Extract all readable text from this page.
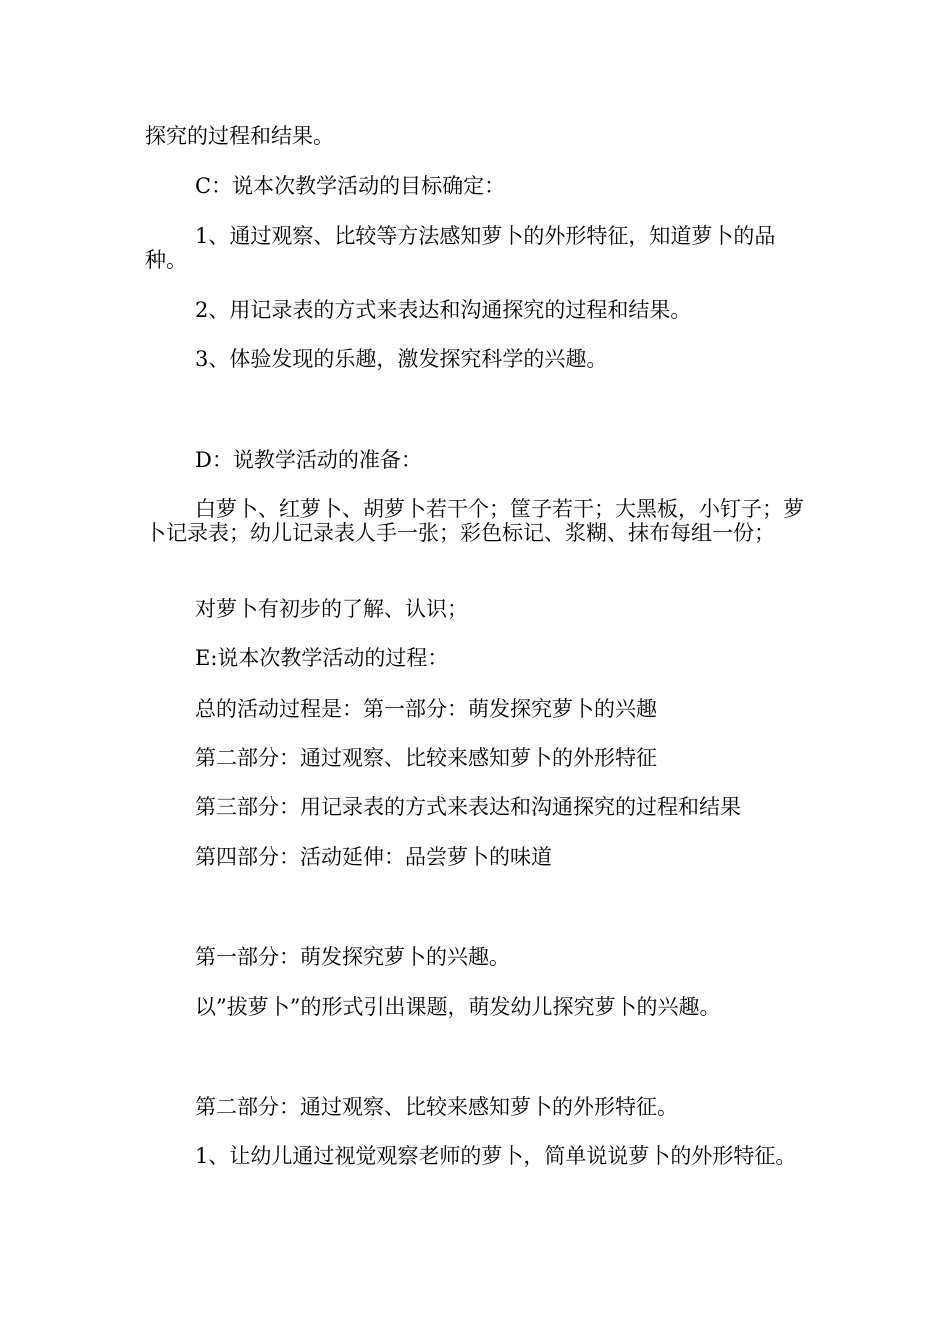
探究的过程和结果。

C：说本次教学活动的目标确定：

1、通过观察、比较等方法感知萝卜的外形特征，知道萝卜的品种。

2、用记录表的方式来表达和沟通探究的过程和结果。

3、体验发现的乐趣，激发探究科学的兴趣。

D：说教学活动的准备：

白萝卜、红萝卜、胡萝卜若干个；筐子若干；大黑板，小钉子；萝卜记录表；幼儿记录表人手一张；彩色标记、浆糊、抹布每组一份；

对萝卜有初步的了解、认识；

E:说本次教学活动的过程：

总的活动过程是：第一部分：萌发探究萝卜的兴趣

第二部分：通过观察、比较来感知萝卜的外形特征

第三部分：用记录表的方式来表达和沟通探究的过程和结果

第四部分：活动延伸：品尝萝卜的味道

第一部分：萌发探究萝卜的兴趣。

以”拔萝卜”的形式引出课题，萌发幼儿探究萝卜的兴趣。

第二部分：通过观察、比较来感知萝卜的外形特征。

1、让幼儿通过视觉观察老师的萝卜，简单说说萝卜的外形特征。
